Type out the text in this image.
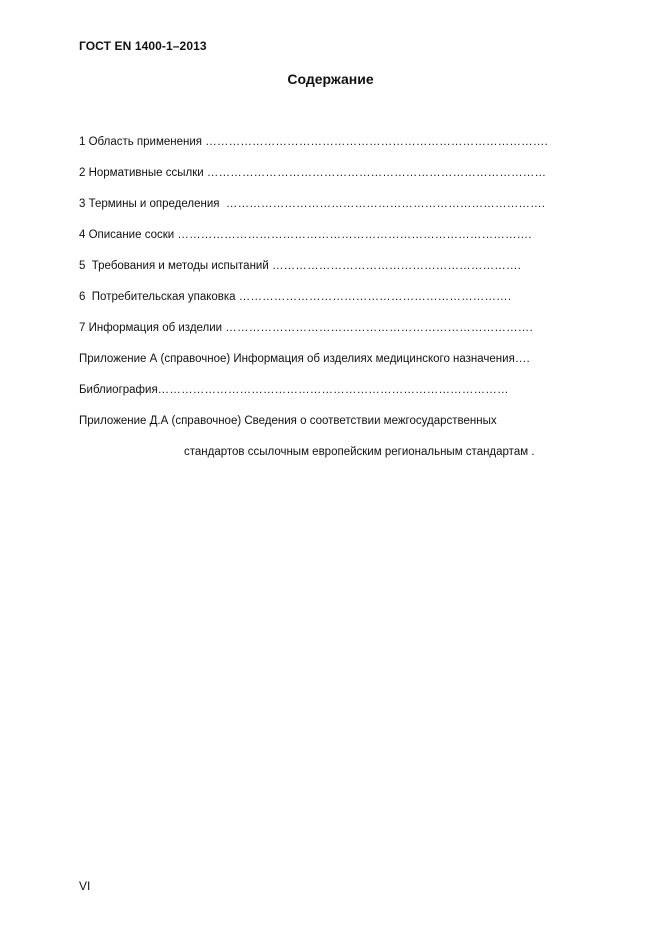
ГОСТ EN 1400-1–2013
Содержание
1 Область применения …………………………………………………………………………….
2 Нормативные ссылки ……………………………………………………………………………
3 Термины и определения  ……………………………………………………………………….
4 Описание соски ……………………………………………………………………………….
5  Требования и методы испытаний ……………………………………………………….
6  Потребительская упаковка …………………………………………………………….
7 Информация об изделии …………………………………………………………………….
Приложение А (справочное) Информация об изделиях медицинского назначения….
Библиография………………………………………………………………………………
Приложение Д.А (справочное) Сведения о соответствии межгосударственных
стандартов ссылочным европейским региональным стандартам .
VI
